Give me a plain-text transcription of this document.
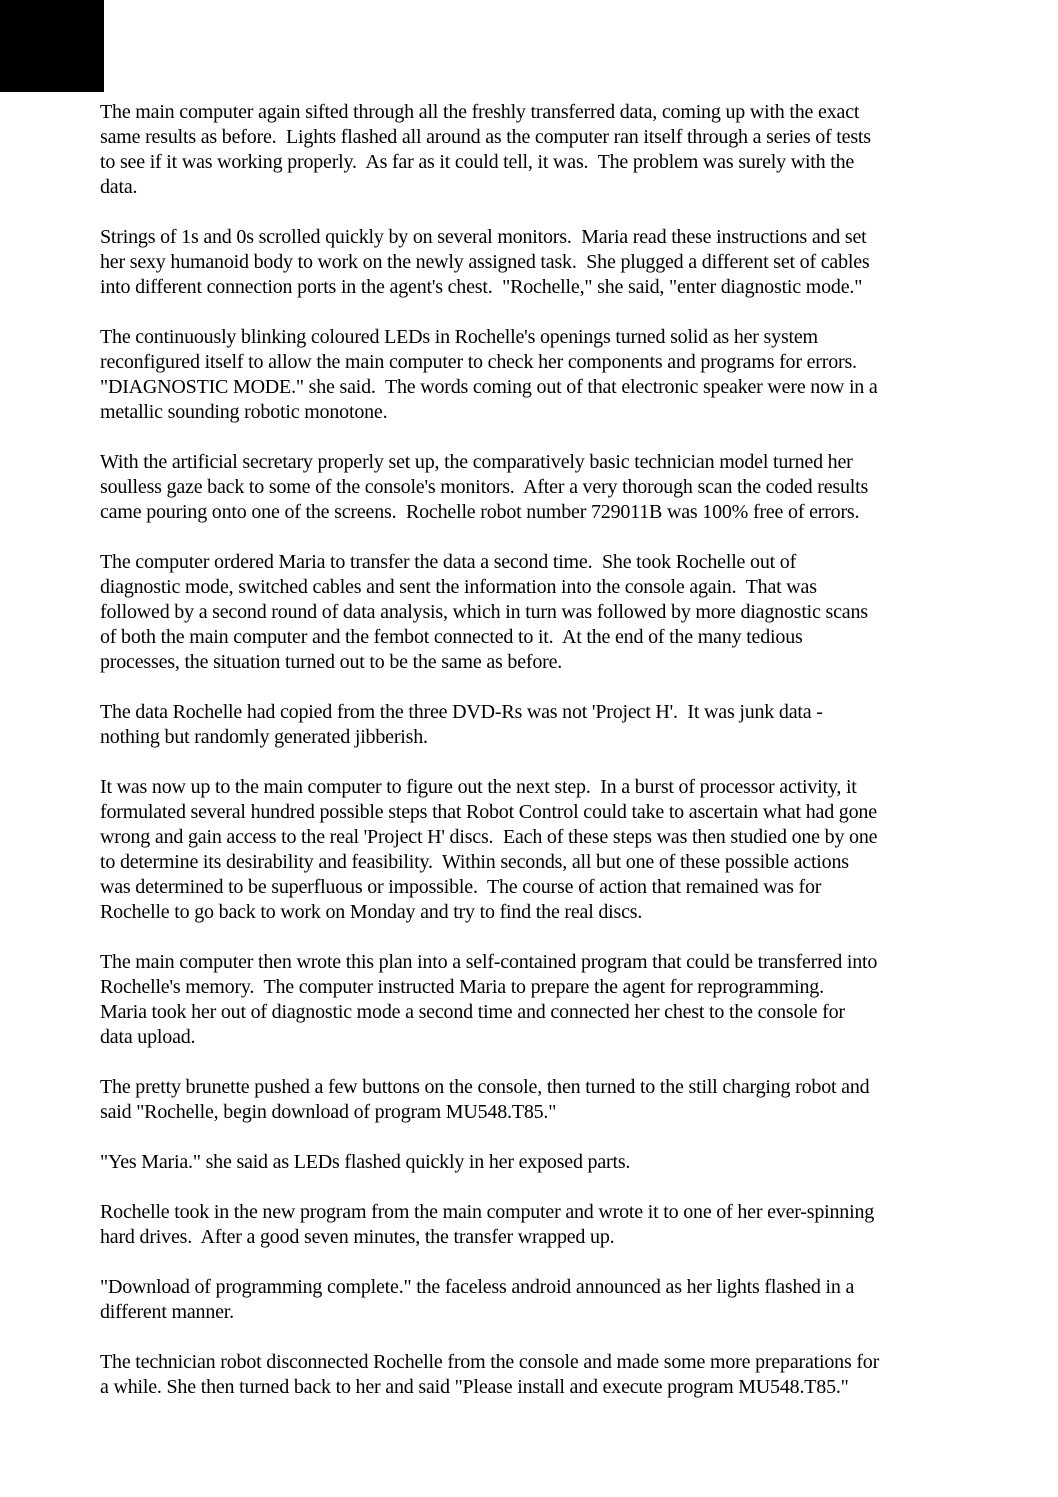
The main computer again sifted through all the freshly transferred data, coming up with the exact
same results as before.  Lights flashed all around as the computer ran itself through a series of tests
to see if it was working properly.  As far as it could tell, it was.  The problem was surely with the
data.
Strings of 1s and 0s scrolled quickly by on several monitors.  Maria read these instructions and set
her sexy humanoid body to work on the newly assigned task.  She plugged a different set of cables
into different connection ports in the agent's chest.  "Rochelle," she said, "enter diagnostic mode."
The continuously blinking coloured LEDs in Rochelle's openings turned solid as her system
reconfigured itself to allow the main computer to check her components and programs for errors.
"DIAGNOSTIC MODE." she said.  The words coming out of that electronic speaker were now in a
metallic sounding robotic monotone.
With the artificial secretary properly set up, the comparatively basic technician model turned her
soulless gaze back to some of the console's monitors.  After a very thorough scan the coded results
came pouring onto one of the screens.  Rochelle robot number 729011B was 100% free of errors.
The computer ordered Maria to transfer the data a second time.  She took Rochelle out of
diagnostic mode, switched cables and sent the information into the console again.  That was
followed by a second round of data analysis, which in turn was followed by more diagnostic scans
of both the main computer and the fembot connected to it.  At the end of the many tedious
processes, the situation turned out to be the same as before.
The data Rochelle had copied from the three DVD-Rs was not 'Project H'.  It was junk data -
nothing but randomly generated jibberish.
It was now up to the main computer to figure out the next step.  In a burst of processor activity, it
formulated several hundred possible steps that Robot Control could take to ascertain what had gone
wrong and gain access to the real 'Project H' discs.  Each of these steps was then studied one by one
to determine its desirability and feasibility.  Within seconds, all but one of these possible actions
was determined to be superfluous or impossible.  The course of action that remained was for
Rochelle to go back to work on Monday and try to find the real discs.
The main computer then wrote this plan into a self-contained program that could be transferred into
Rochelle's memory.  The computer instructed Maria to prepare the agent for reprogramming.
Maria took her out of diagnostic mode a second time and connected her chest to the console for
data upload.
The pretty brunette pushed a few buttons on the console, then turned to the still charging robot and
said "Rochelle, begin download of program MU548.T85."
"Yes Maria." she said as LEDs flashed quickly in her exposed parts.
Rochelle took in the new program from the main computer and wrote it to one of her ever-spinning
hard drives.  After a good seven minutes, the transfer wrapped up.
"Download of programming complete." the faceless android announced as her lights flashed in a
different manner.
The technician robot disconnected Rochelle from the console and made some more preparations for
a while. She then turned back to her and said "Please install and execute program MU548.T85."
